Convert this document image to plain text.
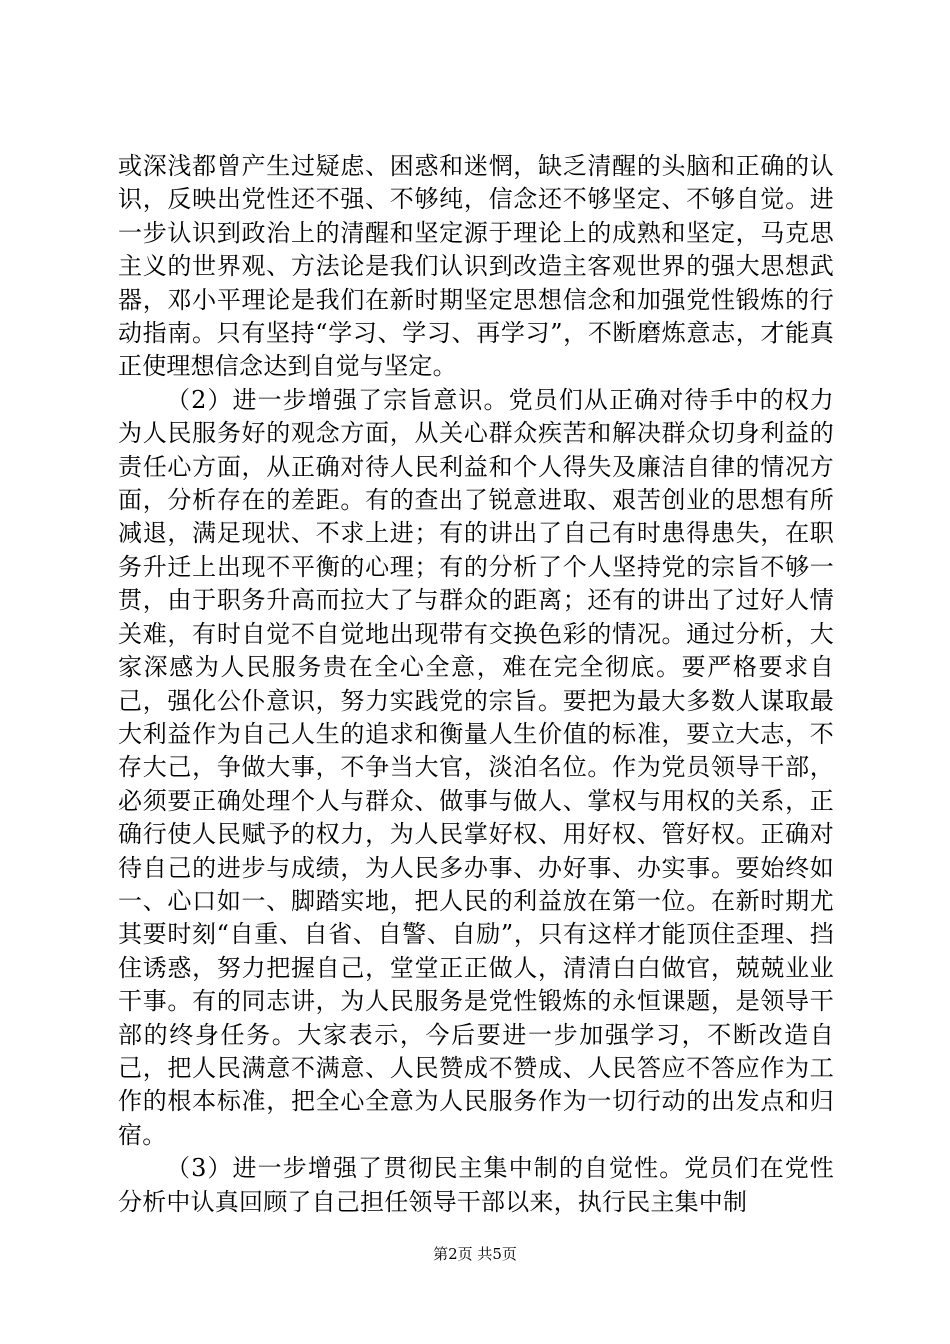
或深浅都曾产生过疑虑、困惑和迷惘，缺乏清醒的头脑和正确的认识，反映出党性还不强、不够纯，信念还不够坚定、不够自觉。进一步认识到政治上的清醒和坚定源于理论上的成熟和坚定，马克思主义的世界观、方法论是我们认识到改造主客观世界的强大思想武器，邓小平理论是我们在新时期坚定思想信念和加强党性锻炼的行动指南。只有坚持“学习、学习、再学习”，不断磨炼意志，才能真正使理想信念达到自觉与坚定。

（2）进一步增强了宗旨意识。党员们从正确对待手中的权力为人民服务好的观念方面，从关心群众疾苦和解决群众切身利益的责任心方面，从正确对待人民利益和个人得失及廉洁自律的情况方面，分析存在的差距。有的查出了锐意进取、艰苦创业的思想有所减退，满足现状、不求上进；有的讲出了自己有时患得患失，在职务升迁上出现不平衡的心理；有的分析了个人坚持党的宗旨不够一贯，由于职务升高而拉大了与群众的距离；还有的讲出了过好人情关难，有时自觉不自觉地出现带有交换色彩的情况。通过分析，大家深感为人民服务贵在全心全意，难在完全彻底。要严格要求自己，强化公仆意识，努力实践党的宗旨。要把为最大多数人谋取最大利益作为自己人生的追求和衡量人生价值的标准，要立大志，不存大己，争做大事，不争当大官，淡泊名位。作为党员领导干部，必须要正确处理个人与群众、做事与做人、掌权与用权的关系，正确行使人民赋予的权力，为人民掌好权、用好权、管好权。正确对待自己的进步与成绩，为人民多办事、办好事、办实事。要始终如一、心口如一、脚踏实地，把人民的利益放在第一位。在新时期尤其要时刻“自重、自省、自警、自励”，只有这样才能顶住歪理、挡住诱惑，努力把握自己，堂堂正正做人，清清白白做官，兢兢业业干事。有的同志讲，为人民服务是党性锻炼的永恒课题，是领导干部的终身任务。大家表示，今后要进一步加强学习，不断改造自己，把人民满意不满意、人民赞成不赞成、人民答应不答应作为工作的根本标准，把全心全意为人民服务作为一切行动的出发点和归宿。

（3）进一步增强了贯彻民主集中制的自觉性。党员们在党性分析中认真回顾了自己担任领导干部以来，执行民主集中制

第2页 共5页
